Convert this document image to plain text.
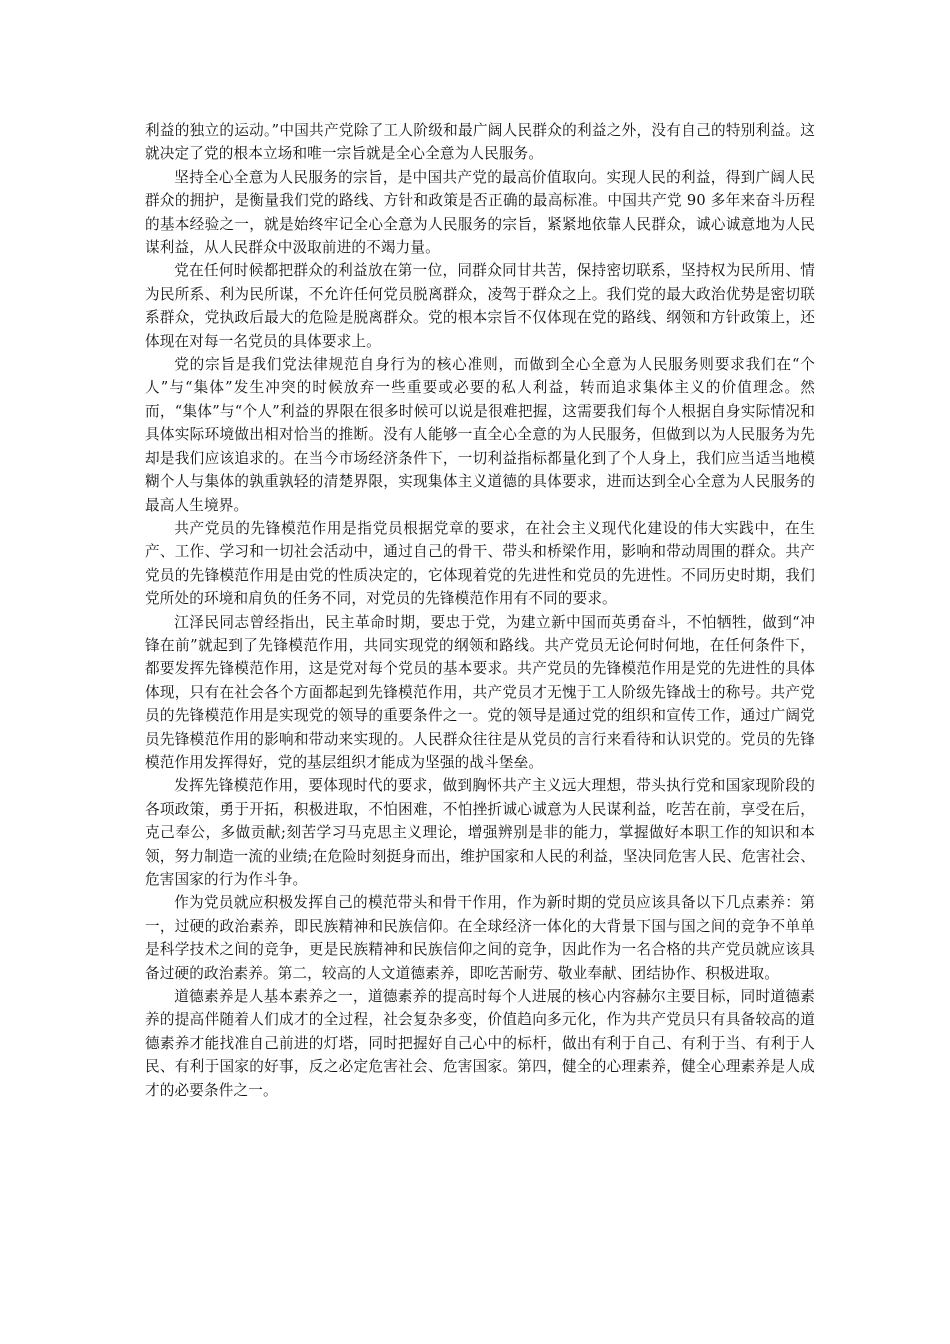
利益的独立的运动。”中国共产党除了工人阶级和最广阔人民群众的利益之外，没有自己的特别利益。这就决定了党的根本立场和唯一宗旨就是全心全意为人民服务。

坚持全心全意为人民服务的宗旨，是中国共产党的最高价值取向。实现人民的利益，得到广阔人民群众的拥护，是衡量我们党的路线、方针和政策是否正确的最高标准。中国共产党 90 多年来奋斗历程的基本经验之一，就是始终牢记全心全意为人民服务的宗旨，紧紧地依靠人民群众，诚心诚意地为人民谋利益，从人民群众中汲取前进的不竭力量。

党在任何时候都把群众的利益放在第一位，同群众同甘共苦，保持密切联系，坚持权为民所用、情为民所系、利为民所谋，不允许任何党员脱离群众，凌驾于群众之上。我们党的最大政治优势是密切联系群众，党执政后最大的危险是脱离群众。党的根本宗旨不仅体现在党的路线、纲领和方针政策上，还体现在对每一名党员的具体要求上。

党的宗旨是我们党法律规范自身行为的核心准则，而做到全心全意为人民服务则要求我们在“个人”与“集体”发生冲突的时候放弃一些重要或必要的私人利益，转而追求集体主义的价值理念。然而，“集体”与“个人”利益的界限在很多时候可以说是很难把握，这需要我们每个人根据自身实际情况和具体实际环境做出相对恰当的推断。没有人能够一直全心全意的为人民服务，但做到以为人民服务为先却是我们应该追求的。在当今市场经济条件下，一切利益指标都量化到了个人身上，我们应当适当地模糊个人与集体的孰重孰轻的清楚界限，实现集体主义道德的具体要求，进而达到全心全意为人民服务的最高人生境界。

共产党员的先锋模范作用是指党员根据党章的要求，在社会主义现代化建设的伟大实践中，在生产、工作、学习和一切社会活动中，通过自己的骨干、带头和桥梁作用，影响和带动周围的群众。共产党员的先锋模范作用是由党的性质决定的，它体现着党的先进性和党员的先进性。不同历史时期，我们党所处的环境和肩负的任务不同，对党员的先锋模范作用有不同的要求。

江泽民同志曾经指出，民主革命时期，要忠于党，为建立新中国而英勇奋斗，不怕牺牲，做到“冲锋在前”就起到了先锋模范作用，共同实现党的纲领和路线。共产党员无论何时何地，在任何条件下，都要发挥先锋模范作用，这是党对每个党员的基本要求。共产党员的先锋模范作用是党的先进性的具体体现，只有在社会各个方面都起到先锋模范作用，共产党员才无愧于工人阶级先锋战士的称号。共产党员的先锋模范作用是实现党的领导的重要条件之一。党的领导是通过党的组织和宣传工作，通过广阔党员先锋模范作用的影响和带动来实现的。人民群众往往是从党员的言行来看待和认识党的。党员的先锋模范作用发挥得好，党的基层组织才能成为坚强的战斗堡垒。

发挥先锋模范作用，要体现时代的要求，做到胸怀共产主义远大理想，带头执行党和国家现阶段的各项政策，勇于开拓，积极进取，不怕困难，不怕挫折诚心诚意为人民谋利益，吃苦在前，享受在后，克己奉公，多做贡献;刻苦学习马克思主义理论，增强辨别是非的能力，掌握做好本职工作的知识和本领，努力制造一流的业绩;在危险时刻挺身而出，维护国家和人民的利益，坚决同危害人民、危害社会、危害国家的行为作斗争。

作为党员就应积极发挥自己的模范带头和骨干作用，作为新时期的党员应该具备以下几点素养：第一，过硬的政治素养，即民族精神和民族信仰。在全球经济一体化的大背景下国与国之间的竞争不单单是科学技术之间的竞争，更是民族精神和民族信仰之间的竞争，因此作为一名合格的共产党员就应该具备过硬的政治素养。第二，较高的人文道德素养，即吃苦耐劳、敬业奉献、团结协作、积极进取。

道德素养是人基本素养之一，道德素养的提高时每个人进展的核心内容赫尔主要目标，同时道德素养的提高伴随着人们成才的全过程，社会复杂多变，价值趋向多元化，作为共产党员只有具备较高的道德素养才能找准自己前进的灯塔，同时把握好自己心中的标杆，做出有利于自己、有利于当、有利于人民、有利于国家的好事，反之必定危害社会、危害国家。第四，健全的心理素养，健全心理素养是人成才的必要条件之一。
